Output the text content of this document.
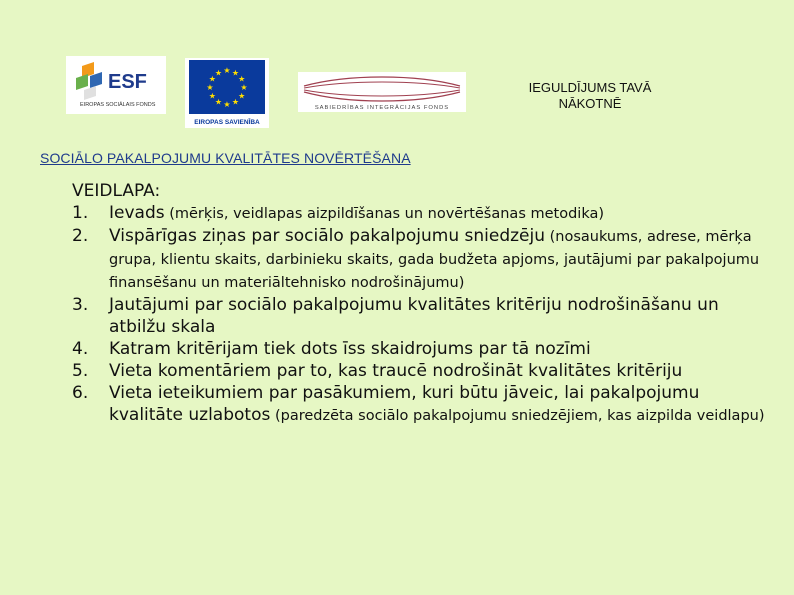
ESF
EIROPAS SOCIĀLAIS FONDS
★ ★
★
★
★
★
★
★
★
★
★
★
EIROPAS SAVIENĪBA
SABIEDRĪBAS INTEGRĀCIJAS FONDS
IEGULDĪJUMS TAVĀ
NĀKOTNĒ
SOCIĀLO PAKALPOJUMU KVALITĀTES NOVĒRTĒŠANA

VEIDLAPA:

1. Ievads (mērķis, veidlapas aizpildīšanas un novērtēšanas metodika)
2. Vispārīgas ziņas par sociālo pakalpojumu sniedzēju (nosaukums, adrese, mērķa grupa, klientu skaits, darbinieku skaits, gada budžeta apjoms, jautājumi par pakalpojumu finansēšanu un materiāltehnisko nodrošinājumu)
3. Jautājumi par sociālo pakalpojumu kvalitātes kritēriju nodrošināšanu un atbilžu skala
4. Katram kritērijam tiek dots īss skaidrojums par tā nozīmi
5. Vieta komentāriem par to, kas traucē nodrošināt kvalitātes kritēriju
6. Vieta ieteikumiem par pasākumiem, kuri būtu jāveic, lai pakalpojumu kvalitāte uzlabotos (paredzēta sociālo pakalpojumu sniedzējiem, kas aizpilda veidlapu)
